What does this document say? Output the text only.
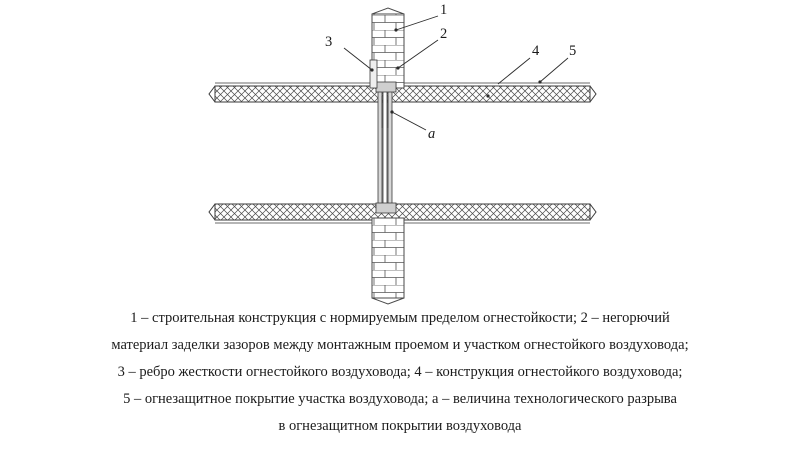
1
2
3
4 5
a
1 – строительная конструкция с нормируемым пределом огнестойкости; 2 – негорючий
материал заделки зазоров между монтажным проемом и участком огнестойкого воздуховода;
3 – ребро жесткости огнестойкого воздуховода; 4 – конструкция огнестойкого воздуховода;
5 – огнезащитное покрытие участка воздуховода; а – величина технологического разрыва
в огнезащитном покрытии воздуховода
